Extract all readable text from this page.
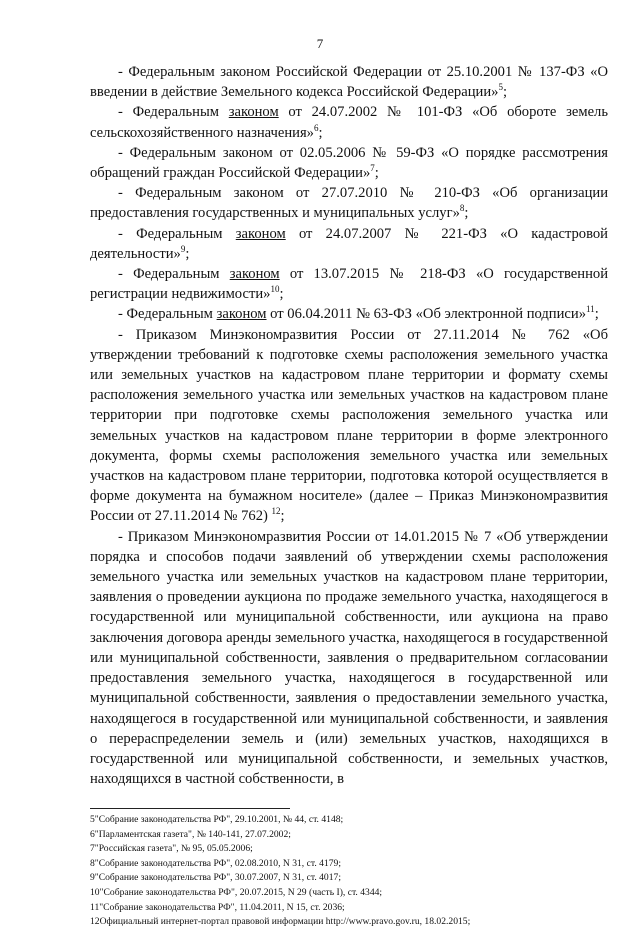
7

- Федеральным законом Российской Федерации от 25.10.2001 № 137-ФЗ «О введении в действие Земельного кодекса Российской Федерации»$^5$;

- Федеральным законом от 24.07.2002 № 101-ФЗ «Об обороте земель сельскохозяйственного назначения»$^6$;

- Федеральным законом от 02.05.2006 № 59-ФЗ «О порядке рассмотрения обращений граждан Российской Федерации»$^7$;

- Федеральным законом от 27.07.2010 № 210-ФЗ «Об организации предоставления государственных и муниципальных услуг»$^8$;

- Федеральным законом от 24.07.2007 № 221-ФЗ «О кадастровой деятельности»$^9$;

- Федеральным законом от 13.07.2015 № 218-ФЗ «О государственной регистрации недвижимости»$^{10}$;

- Федеральным законом от 06.04.2011 № 63-ФЗ «Об электронной подписи»$^{11}$;

- Приказом Минэкономразвития России от 27.11.2014 № 762 «Об утверждении требований к подготовке схемы расположения земельного участка или земельных участков на кадастровом плане территории и формату схемы расположения земельного участка или земельных участков на кадастровом плане территории при подготовке схемы расположения земельного участка или земельных участков на кадастровом плане территории в форме электронного документа, формы схемы расположения земельного участка или земельных участков на кадастровом плане территории, подготовка которой осуществляется в форме документа на бумажном носителе» (далее – Приказ Минэкономразвития России от 27.11.2014 № 762) $^{12}$;

- Приказом Минэкономразвития России от 14.01.2015 № 7 «Об утверждении порядка и способов подачи заявлений об утверждении схемы расположения земельного участка или земельных участков на кадастровом плане территории, заявления о проведении аукциона по продаже земельного участка, находящегося в государственной или муниципальной собственности, или аукциона на право заключения договора аренды земельного участка, находящегося в государственной или муниципальной собственности, заявления о предварительном согласовании предоставления земельного участка, находящегося в государственной или муниципальной собственности, заявления о предоставлении земельного участка, находящегося в государственной или муниципальной собственности, и заявления о перераспределении земель и (или) земельных участков, находящихся в государственной или муниципальной собственности, и земельных участков, находящихся в частной собственности, в

5"Собрание законодательства РФ", 29.10.2001, № 44, ст. 4148;

6"Парламентская газета", № 140-141, 27.07.2002;

7"Российская газета", № 95, 05.05.2006;

8"Собрание законодательства РФ", 02.08.2010, N 31, ст. 4179;

9"Собрание законодательства РФ", 30.07.2007, N 31, ст. 4017;

10"Собрание законодательства РФ", 20.07.2015, N 29 (часть I), ст. 4344;

11"Собрание законодательства РФ", 11.04.2011, N 15, ст. 2036;

12Официальный интернет-портал правовой информации http://www.pravo.gov.ru, 18.02.2015;
